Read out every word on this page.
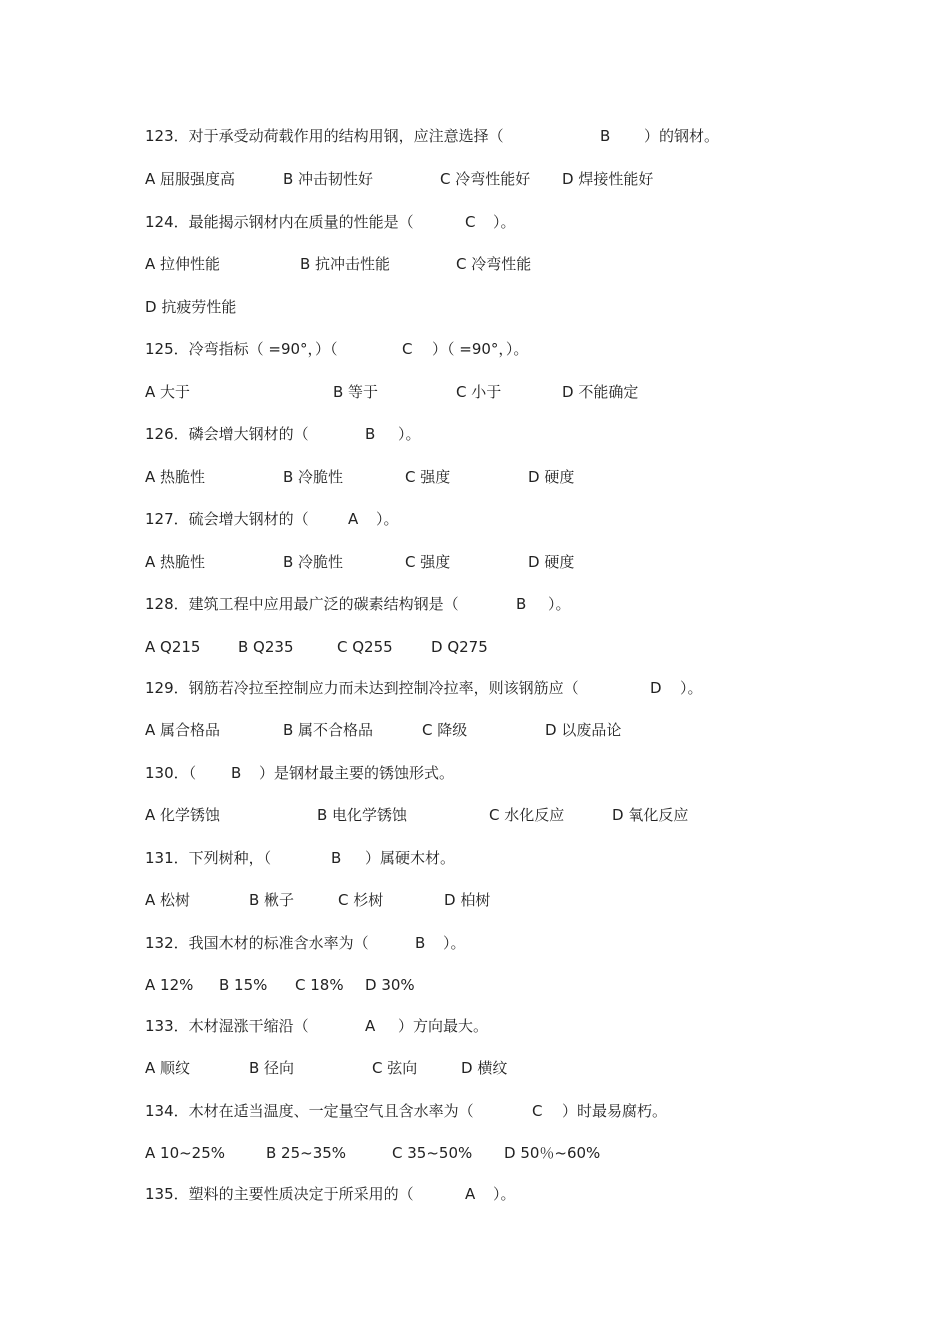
123．对于承受动荷载作用的结构用钢，应注意选择（	B ）的钢材。
A 屈服强度高	B 冲击韧性好	C 冷弯性能好 D 焊接性能好
124．最能揭示钢材内在质量的性能是（	C ）。
A 拉伸性能	B 抗冲击性能	C 冷弯性能
D 抗疲劳性能
125．冷弯指标（ =90°，）（	C ）（ =90°，）。
A 大于	B 等于	C 小于	D 不能确定
126．磷会增大钢材的（	B ）。
A 热脆性	B 冷脆性	C 强度	D 硬度
127．硫会增大钢材的（	A ）。
A 热脆性	B 冷脆性	C 强度	D 硬度
128．建筑工程中应用最广泛的碳素结构钢是（	B ）。
A Q215	B Q235	C Q255	D Q275
129．钢筋若冷拉至控制应力而未达到控制冷拉率，则该钢筋应（	D ）。
A 属合格品	B 属不合格品	C 降级	D 以废品论
130．（ B ）是钢材最主要的锈蚀形式。
A 化学锈蚀	B 电化学锈蚀	C 水化反应	D 氧化反应
131．下列树种，（	B ）属硬木材。
A 松树	B 楸子	C 杉树	D 柏树
132．我国木材的标准含水率为（	B ）。
A 12% B 15% C 18% D 30%
133．木材湿涨干缩沿（	A ）方向最大。
A 顺纹	B 径向	C 弦向	D 横纹
134．木材在适当温度、一定量空气且含水率为（	C ）时最易腐朽。
A 10~25%	B 25~35%	C 35~50% D 50％~60%
135．塑料的主要性质决定于所采用的（	A ）。
